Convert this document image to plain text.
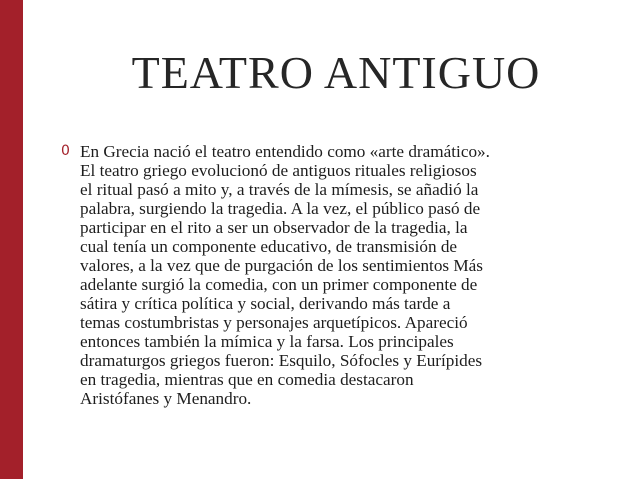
TEATRO ANTIGUO
0 En Grecia nació el teatro entendido como «arte dramático».
El teatro griego evolucionó de antiguos rituales religiosos
el ritual pasó a mito y, a través de la mímesis, se añadió la
palabra, surgiendo la tragedia. A la vez, el público pasó de
participar en el rito a ser un observador de la tragedia, la
cual tenía un componente educativo, de transmisión de
valores, a la vez que de purgación de los sentimientos Más
adelante surgió la comedia, con un primer componente de
sátira y crítica política y social, derivando más tarde a
temas costumbristas y personajes arquetípicos. Apareció
entonces también la mímica y la farsa. Los principales
dramaturgos griegos fueron: Esquilo, Sófocles y Eurípides
en tragedia, mientras que en comedia destacaron
Aristófanes y Menandro.
